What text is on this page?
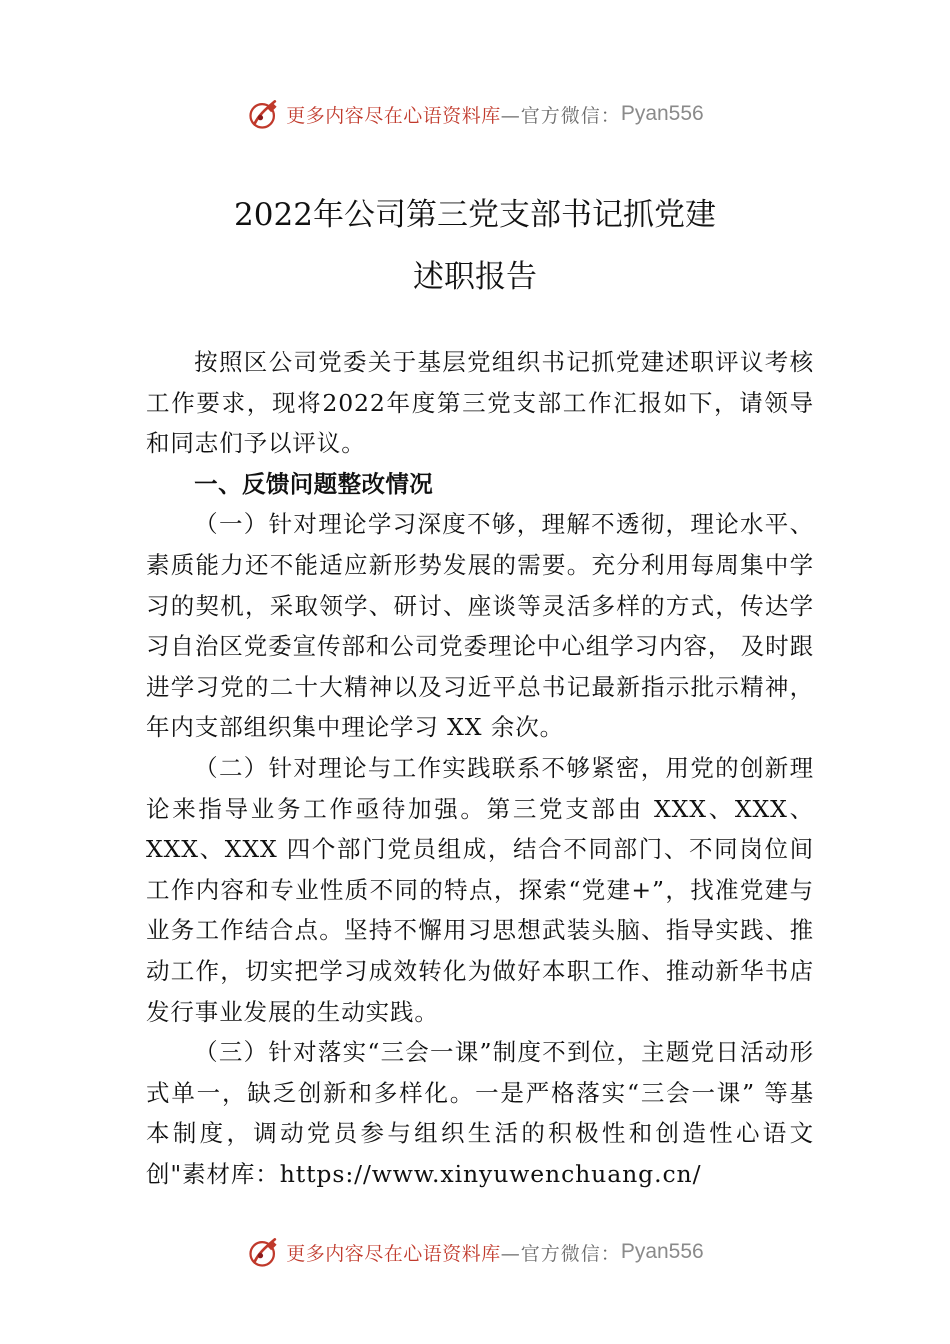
更多内容尽在心语资料库 —官方微信： Pyan556
2022年公司第三党支部书记抓党建
述职报告

按照区公司党委关于基层党组织书记抓党建述职评议考核工作要求，现将2022年度第三党支部工作汇报如下，请领导和同志们予以评议。

一、反馈问题整改情况

（一）针对理论学习深度不够，理解不透彻，理论水平、素质能力还不能适应新形势发展的需要。充分利用每周集中学习的契机，采取领学、研讨、座谈等灵活多样的方式，传达学习自治区党委宣传部和公司党委理论中心组学习内容， 及时跟进学习党的二十大精神以及习近平总书记最新指示批示精神，年内支部组织集中理论学习 XX 余次。

（二）针对理论与工作实践联系不够紧密，用党的创新理论来指导业务工作亟待加强。第三党支部由 XXX、XXX、XXX、XXX 四个部门党员组成，结合不同部门、不同岗位间工作内容和专业性质不同的特点，探索“党建+”，找准党建与业务工作结合点。坚持不懈用习思想武装头脑、指导实践、推动工作，切实把学习成效转化为做好本职工作、推动新华书店发行事业发展的生动实践。

（三）针对落实“三会一课”制度不到位，主题党日活动形式单一，缺乏创新和多样化。一是严格落实“三会一课” 等基本制度，调动党员参与组织生活的积极性和创造性心语文创"素材库：https://www.xinyuwenchuang.cn/

更多内容尽在心语资料库 —官方微信： Pyan556
